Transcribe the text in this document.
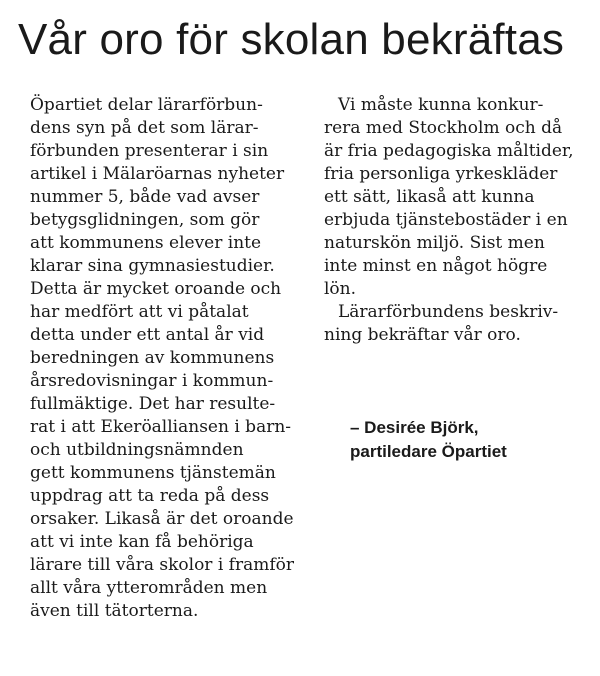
Vår oro för skolan bekräftas
Öpartiet delar lärarförbun-
dens syn på det som lärar-
förbunden presenterar i sin
artikel i Mälaröarnas nyheter
nummer 5, både vad avser
betygsglidningen, som gör
att kommunens elever inte
klarar sina gymnasiestudier.
Detta är mycket oroande och
har medfört att vi påtalat
detta under ett antal år vid
beredningen av kommunens
årsredovisningar i kommun-
fullmäktige. Det har resulte-
rat i att Ekeröalliansen i barn-
och utbildningsnämnden
gett kommunens tjänstemän
uppdrag att ta reda på dess
orsaker. Likaså är det oroande
att vi inte kan få behöriga
lärare till våra skolor i framför
allt våra ytterområden men
även till tätorterna.
Vi måste kunna konkur-
rera med Stockholm och då
är fria pedagogiska måltider,
fria personliga yrkeskläder
ett sätt, likaså att kunna
erbjuda tjänstebostäder i en
naturskön miljö. Sist men
inte minst en något högre
lön.
Lärarförbundens beskriv-
ning bekräftar vår oro.
– Desirée Björk,
partiledare Öpartiet
